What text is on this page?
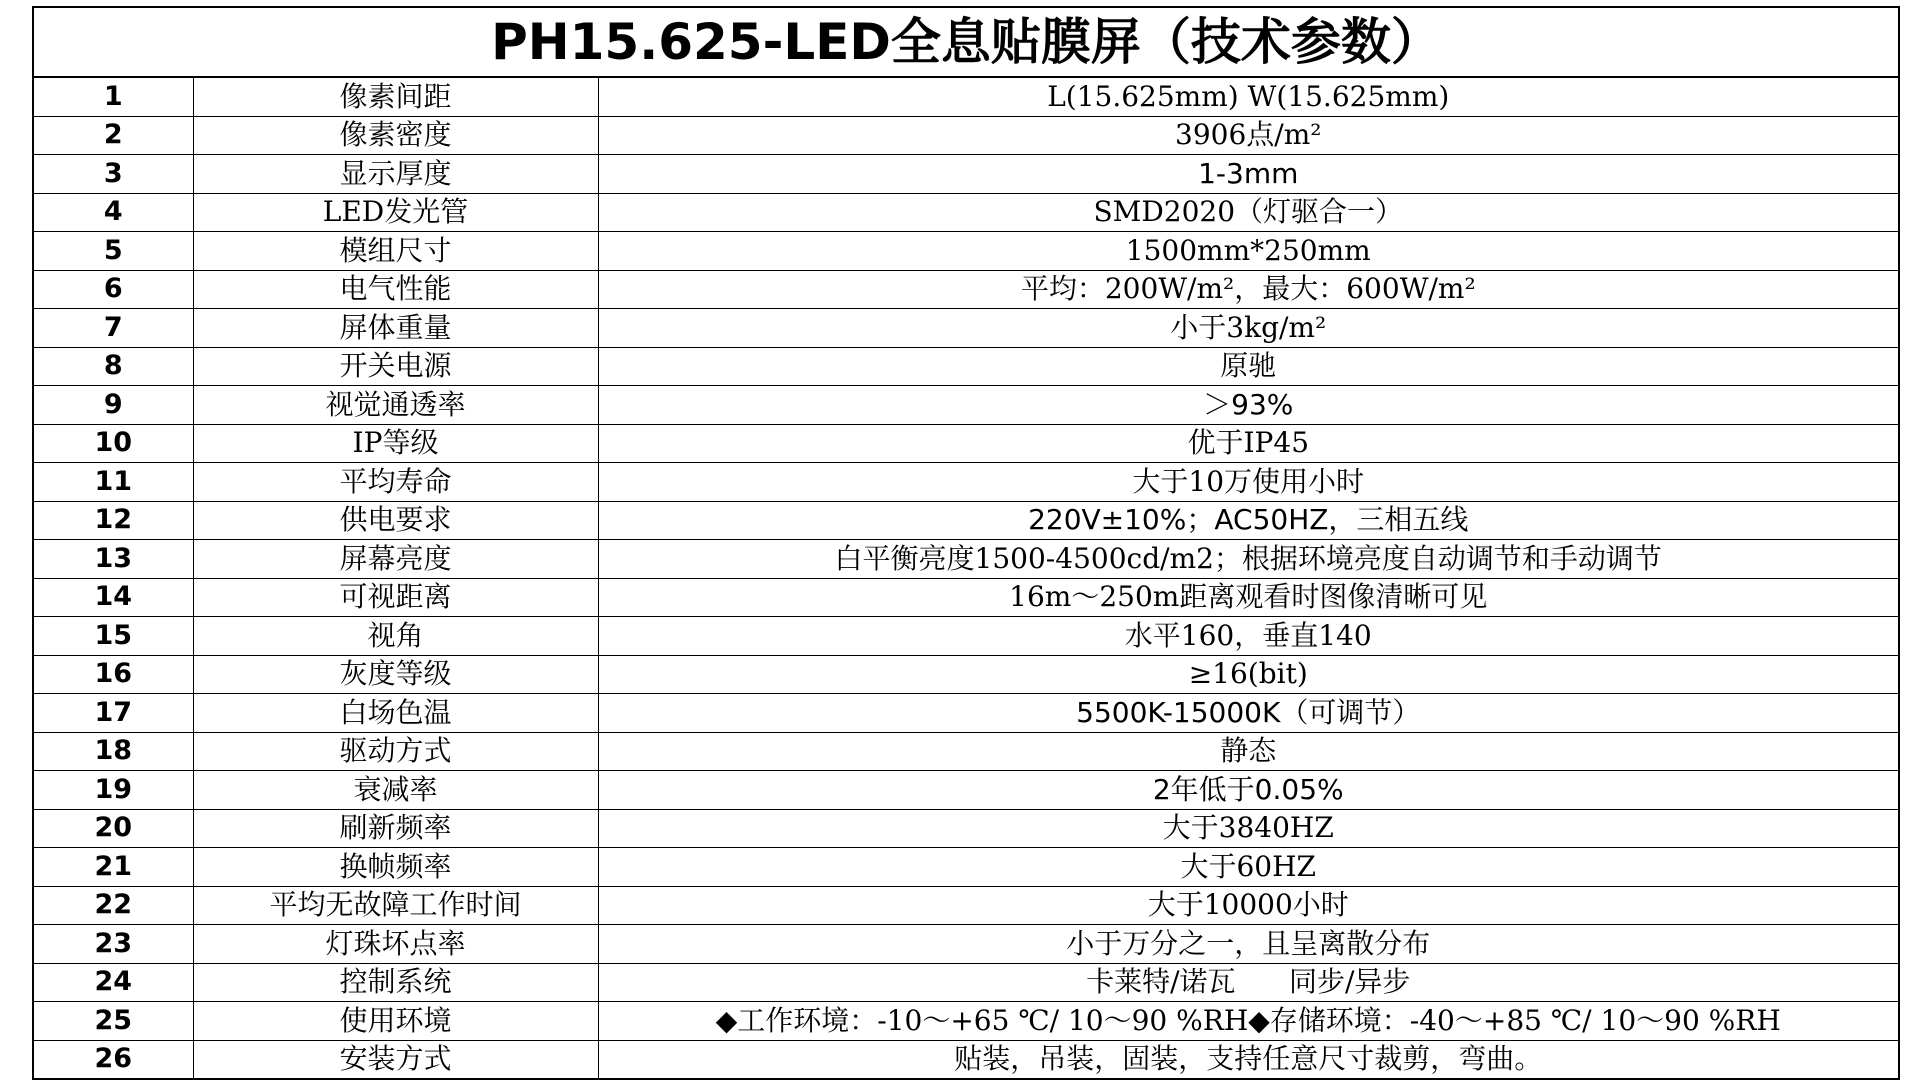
PH15.625-LED全息贴膜屏（技术参数）
1	像素间距	L(15.625mm) W(15.625mm)
2	像素密度	3906点/m²
3	显示厚度	1-3mm
4	LED发光管	SMD2020（灯驱合一）
5	模组尺寸	1500mm*250mm
6	电气性能	平均：200W/m²，最大：600W/m²
7	屏体重量	小于3kg/m²
8	开关电源	原驰
9	视觉通透率	＞93%
10	IP等级	优于IP45
11	平均寿命	大于10万使用小时
12	供电要求	220V±10%；AC50HZ，三相五线
13	屏幕亮度	白平衡亮度1500-4500cd/m2；根据环境亮度自动调节和手动调节
14	可视距离	16m～250m距离观看时图像清晰可见
15	视角	水平160，垂直140
16	灰度等级	≥16(bit)
17	白场色温	5500K-15000K（可调节）
18	驱动方式	静态
19	衰减率	2年低于0.05%
20	刷新频率	大于3840HZ
21	换帧频率	大于60HZ
22	平均无故障工作时间	大于10000小时
23	灯珠坏点率	小于万分之一，且呈离散分布
24	控制系统	卡莱特/诺瓦      同步/异步
25	使用环境	◆工作环境：-10～+65 ℃/ 10～90 %RH◆存储环境：-40～+85 ℃/ 10～90 %RH
26	安装方式	贴装，吊装，固装，支持任意尺寸裁剪，弯曲。
